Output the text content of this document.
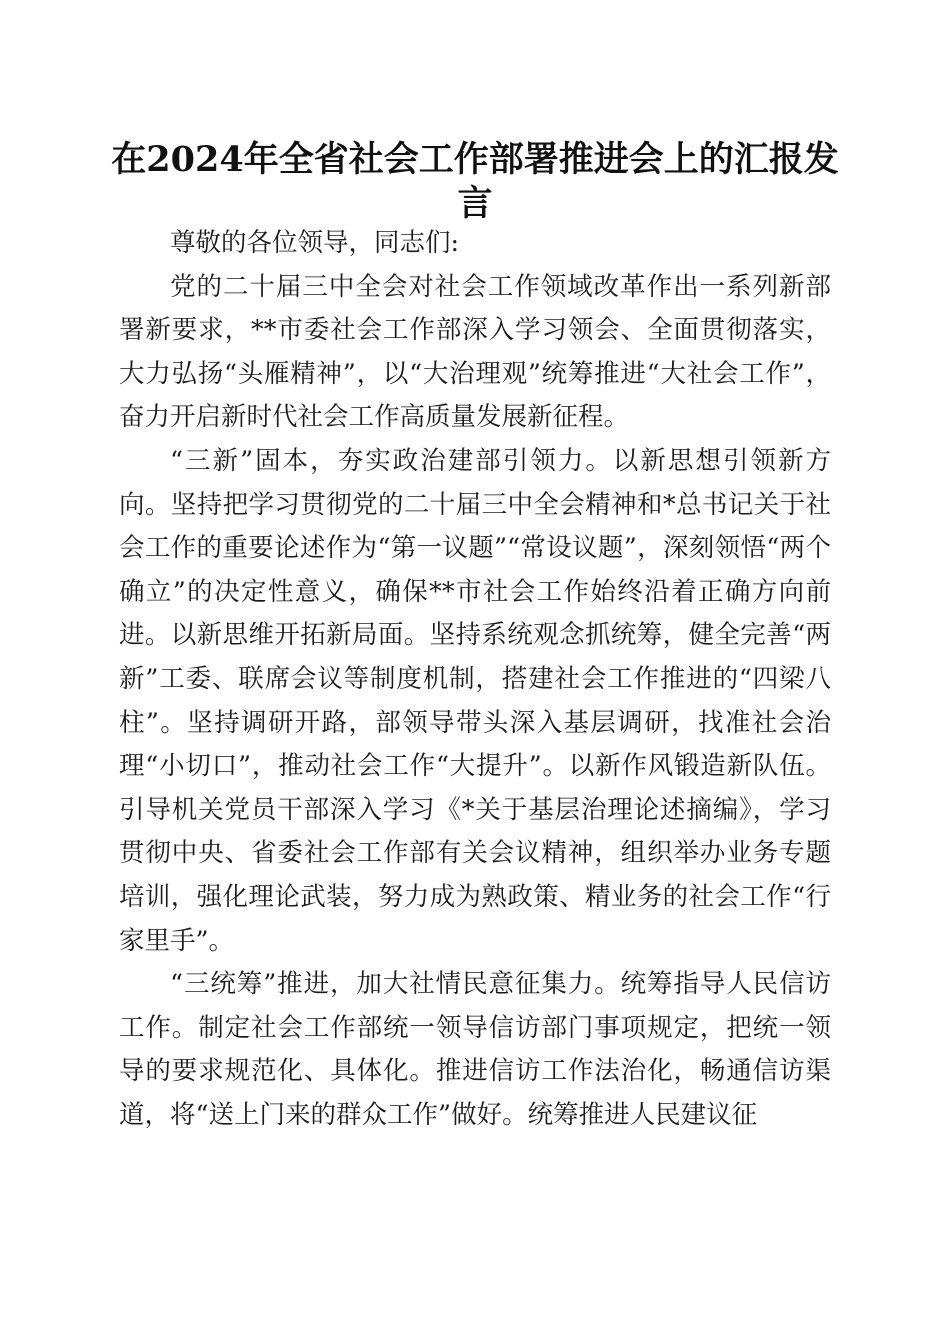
在2024年全省社会工作部署推进会上的汇报发言

尊敬的各位领导，同志们:

党的二十届三中全会对社会工作领域改革作出一系列新部署新要求，**市委社会工作部深入学习领会、全面贯彻落实，大力弘扬“头雁精神”，以“大治理观”统筹推进“大社会工作”，奋力开启新时代社会工作高质量发展新征程。

“三新”固本，夯实政治建部引领力。以新思想引领新方向。坚持把学习贯彻党的二十届三中全会精神和*总书记关于社会工作的重要论述作为“第一议题”“常设议题”，深刻领悟“两个确立”的决定性意义，确保**市社会工作始终沿着正确方向前进。以新思维开拓新局面。坚持系统观念抓统筹，健全完善“两新”工委、联席会议等制度机制，搭建社会工作推进的“四梁八柱”。坚持调研开路，部领导带头深入基层调研，找准社会治理“小切口”，推动社会工作“大提升”。以新作风锻造新队伍。引导机关党员干部深入学习《*关于基层治理论述摘编》，学习贯彻中央、省委社会工作部有关会议精神，组织举办业务专题培训，强化理论武装，努力成为熟政策、精业务的社会工作“行家里手”。

“三统筹”推进，加大社情民意征集力。统筹指导人民信访工作。制定社会工作部统一领导信访部门事项规定，把统一领导的要求规范化、具体化。推进信访工作法治化，畅通信访渠道，将“送上门来的群众工作”做好。统筹推进人民建议征
